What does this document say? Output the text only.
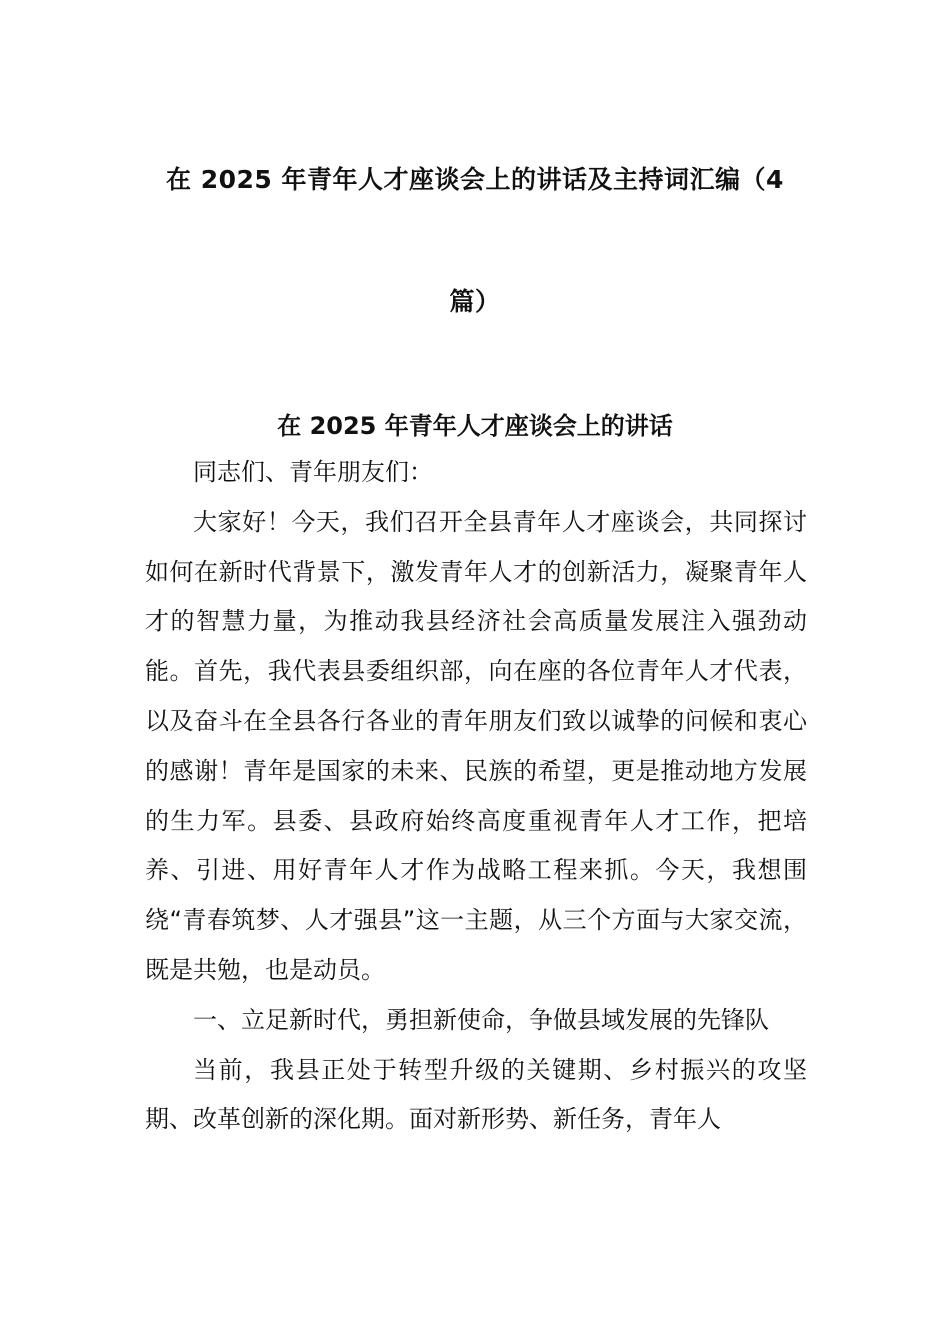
在 2025 年青年人才座谈会上的讲话及主持词汇编（4
篇）
在 2025 年青年人才座谈会上的讲话

同志们、青年朋友们：

大家好！今天，我们召开全县青年人才座谈会，共同探讨如何在新时代背景下，激发青年人才的创新活力，凝聚青年人才的智慧力量，为推动我县经济社会高质量发展注入强劲动能。首先，我代表县委组织部，向在座的各位青年人才代表，以及奋斗在全县各行各业的青年朋友们致以诚挚的问候和衷心的感谢！青年是国家的未来、民族的希望，更是推动地方发展的生力军。县委、县政府始终高度重视青年人才工作，把培养、引进、用好青年人才作为战略工程来抓。今天，我想围绕“青春筑梦、人才强县”这一主题，从三个方面与大家交流，既是共勉，也是动员。

一、立足新时代，勇担新使命，争做县域发展的先锋队

当前，我县正处于转型升级的关键期、乡村振兴的攻坚期、改革创新的深化期。面对新形势、新任务，青年人
